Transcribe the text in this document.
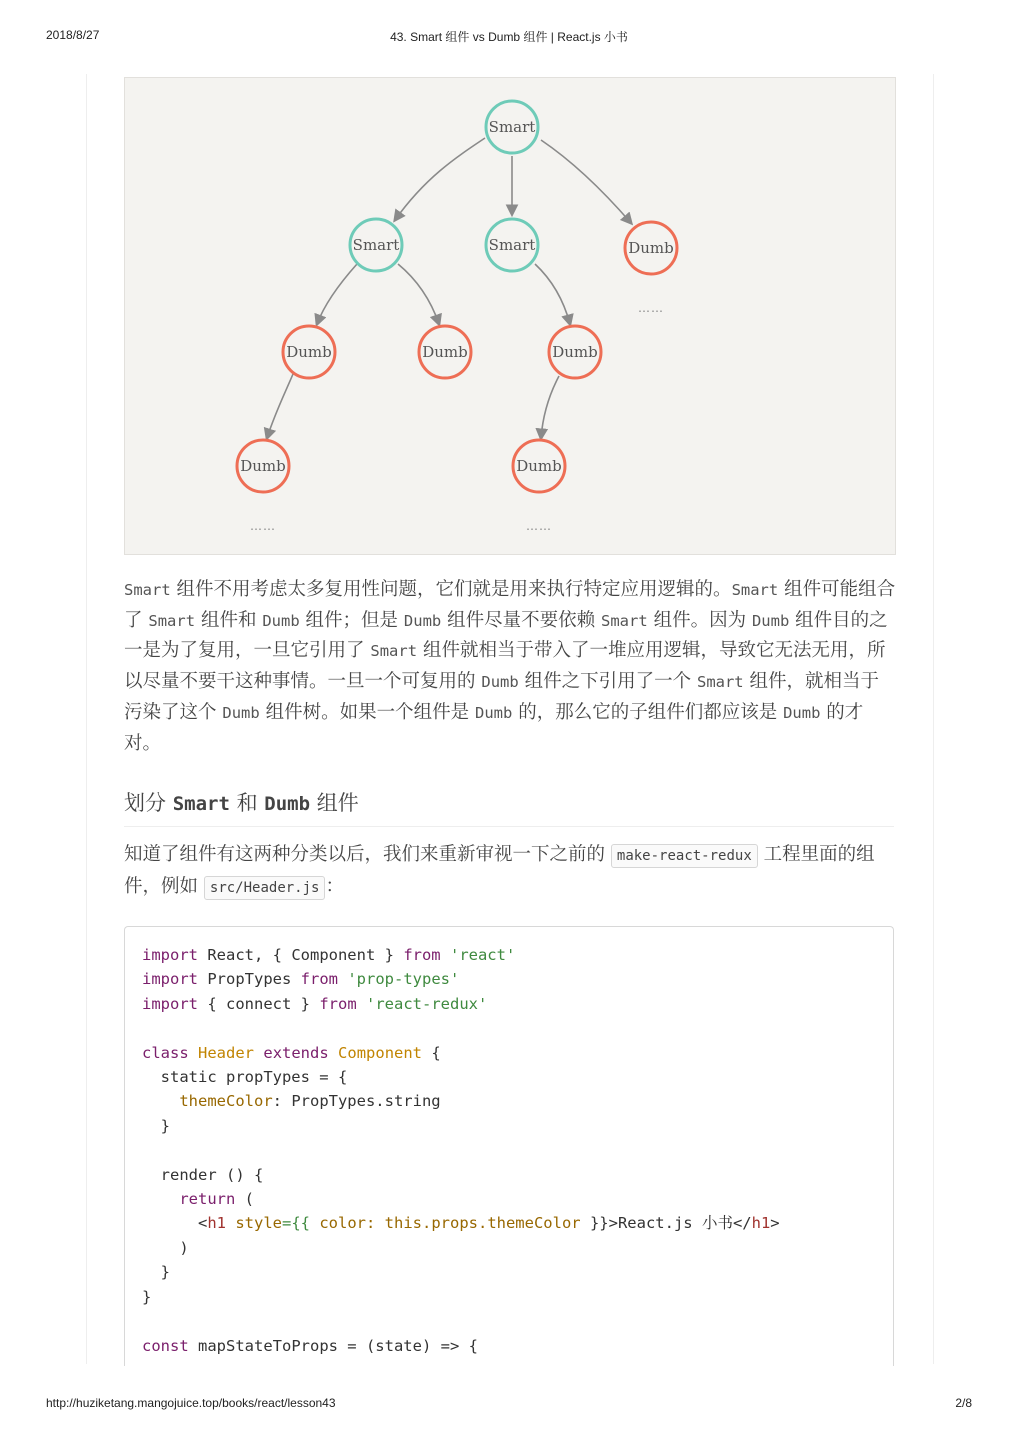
2018/8/27	43. Smart 组件 vs Dumb 组件 | React.js 小书
Smart
Smart	Smart	Dumb
Dumb	Dumb	Dumb
Dumb	Dumb
……
……	……

Smart 组件不用考虑太多复用性问题，它们就是用来执行特定应用逻辑的。Smart 组件可能组合了 Smart 组件和 Dumb 组件；但是 Dumb 组件尽量不要依赖 Smart 组件。因为 Dumb 组件目的之一是为了复用，一旦它引用了 Smart 组件就相当于带入了一堆应用逻辑，导致它无法无用，所以尽量不要干这种事情。一旦一个可复用的 Dumb 组件之下引用了一个 Smart 组件，就相当于污染了这个 Dumb 组件树。如果一个组件是 Dumb 的，那么它的子组件们都应该是 Dumb 的才对。

划分 Smart 和 Dumb 组件

知道了组件有这两种分类以后，我们来重新审视一下之前的 make-react-redux 工程里面的组件，例如 src/Header.js ：

import React, { Component } from 'react'
import PropTypes from 'prop-types'
import { connect } from 'react-redux'

class Header extends Component {
static propTypes = {
themeColor: PropTypes.string
}

render () {
return (
<h1 style={{ color: this.props.themeColor }}>React.js 小书</h1>
)
}
}

const mapStateToProps = (state) => {
http://huziketang.mangojuice.top/books/react/lesson43	2/8
